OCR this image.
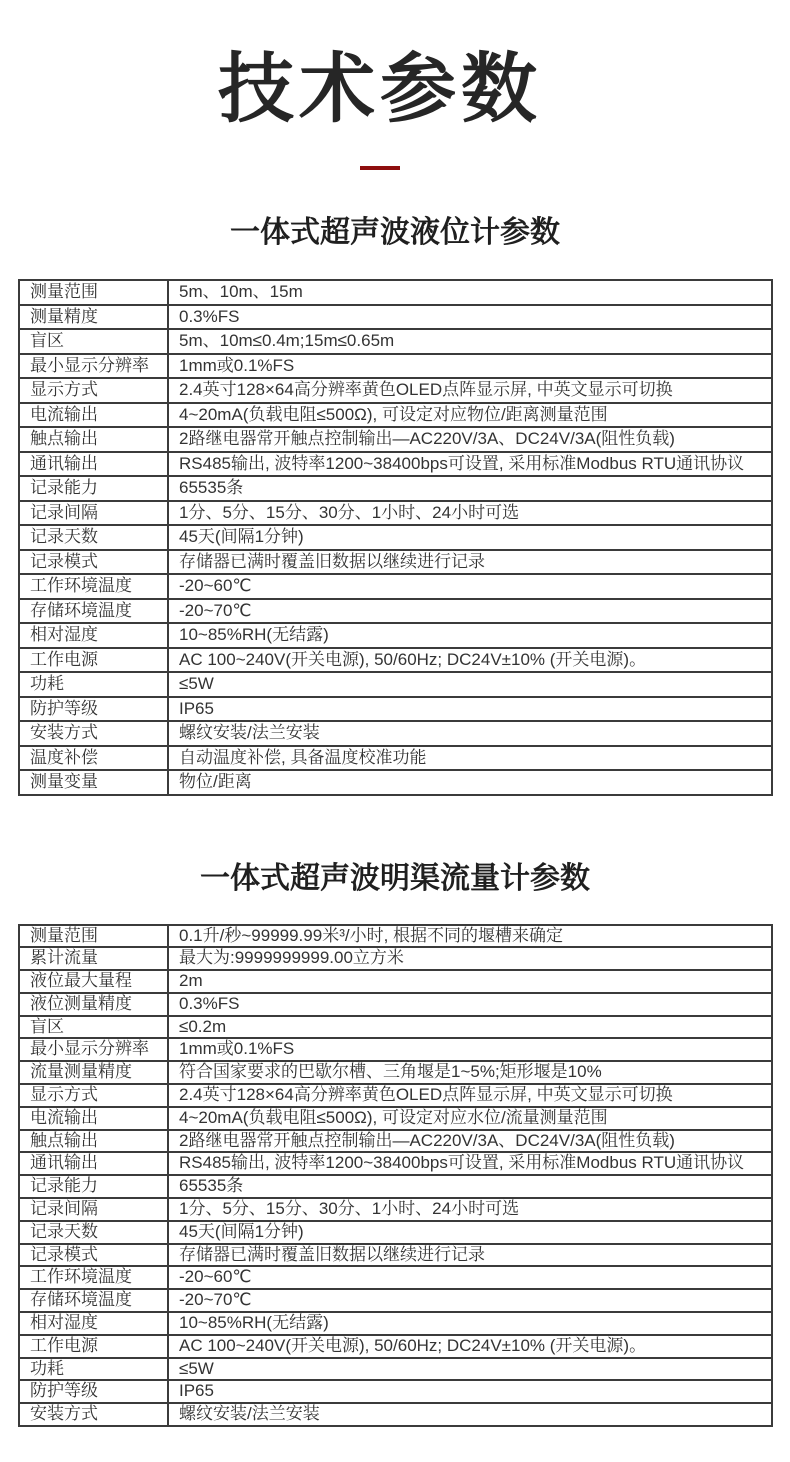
技术参数
一体式超声波液位计参数
测量范围	5m、10m、15m
测量精度	0.3%FS
盲区	5m、10m≤0.4m;15m≤0.65m
最小显示分辨率	1mm或0.1%FS
显示方式	2.4英寸128×64高分辨率黄色OLED点阵显示屏, 中英文显示可切换
电流输出	4~20mA(负载电阻≤500Ω), 可设定对应物位/距离测量范围
触点输出	2路继电器常开触点控制输出—AC220V/3A、DC24V/3A(阻性负载)
通讯输出	RS485输出, 波特率1200~38400bps可设置, 采用标准Modbus RTU通讯协议
记录能力	65535条
记录间隔	1分、5分、15分、30分、1小时、24小时可选
记录天数	45天(间隔1分钟)
记录模式	存储器已满时覆盖旧数据以继续进行记录
工作环境温度	-20~60℃
存储环境温度	-20~70℃
相对湿度	10~85%RH(无结露)
工作电源	AC 100~240V(开关电源), 50/60Hz; DC24V±10% (开关电源)。
功耗	≤5W
防护等级	IP65
安装方式	螺纹安装/法兰安装
温度补偿	自动温度补偿, 具备温度校准功能
测量变量	物位/距离
一体式超声波明渠流量计参数
测量范围	0.1升/秒~99999.99米³/小时, 根据不同的堰槽来确定
累计流量	最大为:9999999999.00立方米
液位最大量程	2m
液位测量精度	0.3%FS
盲区	≤0.2m
最小显示分辨率	1mm或0.1%FS
流量测量精度	符合国家要求的巴歇尔槽、三角堰是1~5%;矩形堰是10%
显示方式	2.4英寸128×64高分辨率黄色OLED点阵显示屏, 中英文显示可切换
电流输出	4~20mA(负载电阻≤500Ω), 可设定对应水位/流量测量范围
触点输出	2路继电器常开触点控制输出—AC220V/3A、DC24V/3A(阻性负载)
通讯输出	RS485输出, 波特率1200~38400bps可设置, 采用标准Modbus RTU通讯协议
记录能力	65535条
记录间隔	1分、5分、15分、30分、1小时、24小时可选
记录天数	45天(间隔1分钟)
记录模式	存储器已满时覆盖旧数据以继续进行记录
工作环境温度	-20~60℃
存储环境温度	-20~70℃
相对湿度	10~85%RH(无结露)
工作电源	AC 100~240V(开关电源), 50/60Hz; DC24V±10% (开关电源)。
功耗	≤5W
防护等级	IP65
安装方式	螺纹安装/法兰安装
